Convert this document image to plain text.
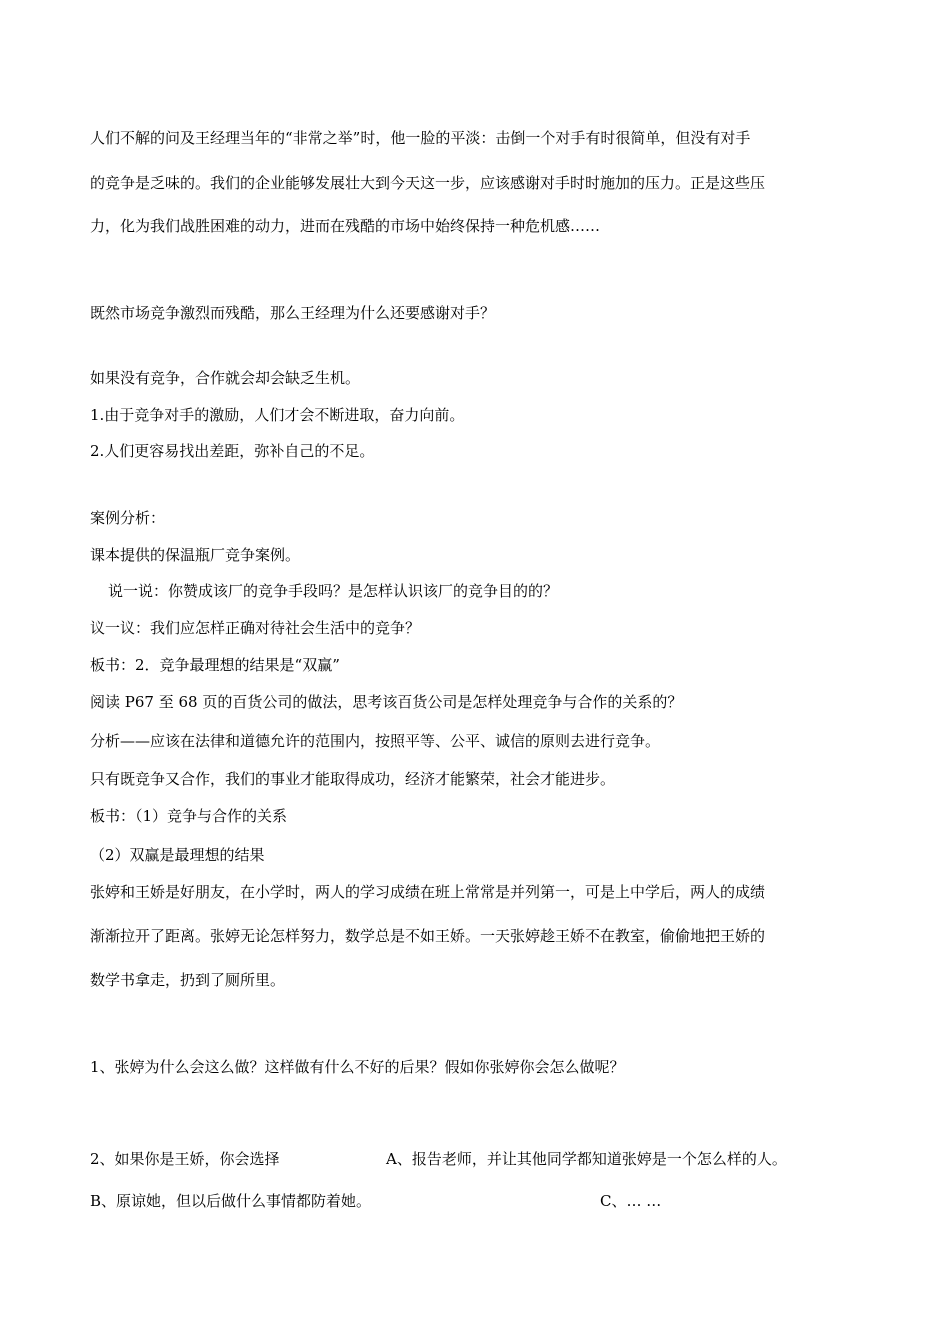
人们不解的问及王经理当年的“非常之举”时，他一脸的平淡：击倒一个对手有时很简单，但没有对手
的竞争是乏味的。我们的企业能够发展壮大到今天这一步，应该感谢对手时时施加的压力。正是这些压
力，化为我们战胜困难的动力，进而在残酷的市场中始终保持一种危机感……
既然市场竞争激烈而残酷，那么王经理为什么还要感谢对手？
如果没有竞争，合作就会却会缺乏生机。
1.由于竞争对手的激励，人们才会不断进取，奋力向前。
2.人们更容易找出差距，弥补自己的不足。
案例分析：
课本提供的保温瓶厂竞争案例。
说一说：你赞成该厂的竞争手段吗？是怎样认识该厂的竞争目的的？
议一议：我们应怎样正确对待社会生活中的竞争？
板书：2．竞争最理想的结果是“双赢”
阅读 P67 至 68 页的百货公司的做法，思考该百货公司是怎样处理竞争与合作的关系的？
分析——应该在法律和道德允许的范围内，按照平等、公平、诚信的原则去进行竞争。
只有既竞争又合作，我们的事业才能取得成功，经济才能繁荣，社会才能进步。
板书：（1）竞争与合作的关系
（2）双赢是最理想的结果
张婷和王娇是好朋友，在小学时，两人的学习成绩在班上常常是并列第一，可是上中学后，两人的成绩
渐渐拉开了距离。张婷无论怎样努力，数学总是不如王娇。一天张婷趁王娇不在教室，偷偷地把王娇的
数学书拿走，扔到了厕所里。
1、张婷为什么会这么做？这样做有什么不好的后果？假如你张婷你会怎么做呢？
2、如果你是王娇，你会选择	A、报告老师，并让其他同学都知道张婷是一个怎么样的人。
B、原谅她，但以后做什么事情都防着她。	C、… …
